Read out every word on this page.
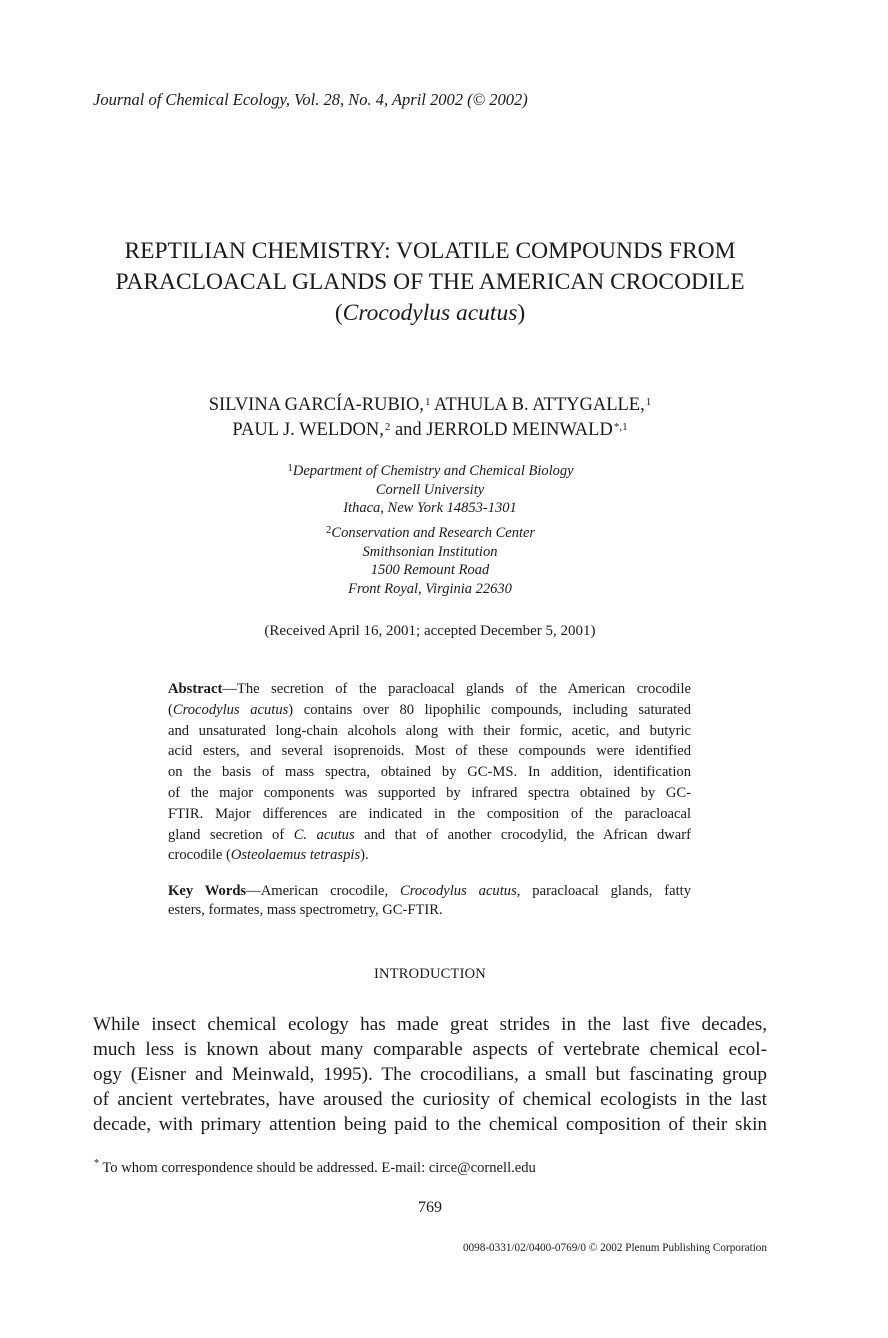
Journal of Chemical Ecology, Vol. 28, No. 4, April 2002 (© 2002)
REPTILIAN CHEMISTRY: VOLATILE COMPOUNDS FROM
PARACLOACAL GLANDS OF THE AMERICAN CROCODILE
(Crocodylus acutus)
SILVINA GARCÍA-RUBIO,$^1$ ATHULA B. ATTYGALLE,$^1$
PAUL J. WELDON,$^2$ and JERROLD $MEINWALD^{*,1}$
$^1$Department of Chemistry and Chemical Biology
Cornell University
Ithaca, New York 14853-1301
$^2$Conservation and Research Center
Smithsonian Institution
1500 Remount Road
Front Royal, Virginia 22630
(Received April 16, 2001; accepted December 5, 2001)
Abstract—The secretion of the paracloacal glands of the American crocodile
(Crocodylus acutus) contains over 80 lipophilic compounds, including saturated
and unsaturated long-chain alcohols along with their formic, acetic, and butyric
acid esters, and several isoprenoids. Most of these compounds were identified
on the basis of mass spectra, obtained by GC-MS. In addition, identification
of the major components was supported by infrared spectra obtained by GC-
FTIR. Major differences are indicated in the composition of the paracloacal
gland secretion of C. acutus and that of another crocodylid, the African dwarf
crocodile (Osteolaemus tetraspis).
Key Words—American crocodile, Crocodylus acutus, paracloacal glands, fatty
esters, formates, mass spectrometry, GC-FTIR.
INTRODUCTION
While insect chemical ecology has made great strides in the last five decades,
much less is known about many comparable aspects of vertebrate chemical ecol-
ogy (Eisner and Meinwald, 1995). The crocodilians, a small but fascinating group
of ancient vertebrates, have aroused the curiosity of chemical ecologists in the last
decade, with primary attention being paid to the chemical composition of their skin
* To whom correspondence should be addressed. E-mail: circe@cornell.edu
769
0098-0331/02/0400-0769/0 © 2002 Plenum Publishing Corporation
